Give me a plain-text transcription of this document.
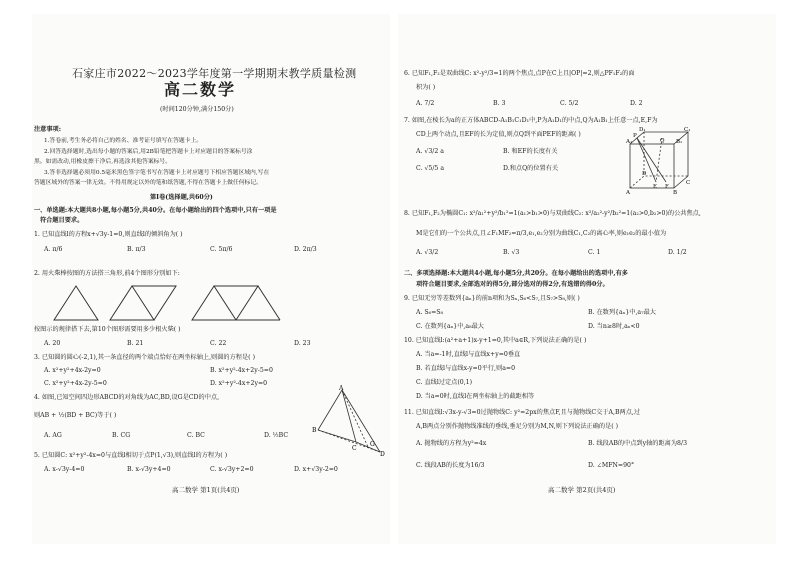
石家庄市2022～2023学年度第一学期期末教学质量检测
高二数学
(时间120分钟,满分150分)
注意事项:
1.答卷前,考生务必将自己的姓名、准考证号填写在答题卡上。
2.回答选择题时,选出每小题的答案后,用2B铅笔把答题卡上对应题目的答案标号涂
黑。如需改动,用橡皮擦干净后,再选涂其他答案标号。
3.答非选择题必须用0.5毫米黑色签字笔书写在答题卡上对应题号下相应答题区域内,写在
答题区域外的答案一律无效。不得用规定以外的笔和纸答题,不得在答题卡上做任何标记。
第Ⅰ卷(选择题,共60分)
一、单选题:本大题共8小题,每小题5分,共40分。在每小题给出的四个选项中,只有一项是
符合题目要求。
1. 已知直线l的方程x+√3y-1=0,则直线l的倾斜角为( )
A. π/6	B. π/3	C. 5π/6	D. 2π/3
2. 用火柴棒按图的方法搭三角形,前4个图形分别如下:
按图示的规律搭下去,第10个图形需要用多少根火柴( )
A. 20	B. 21	C. 22	D. 23
3. 已知圆的圆心(-2,1),其一条直径的两个端点恰好在两坐标轴上,则圆的方程是( )
A. x²+y²+4x-2y=0	B. x²+y²-4x+2y-5=0
C. x²+y²+4x-2y-5=0	D. x²+y²-4x+2y=0
4. 如图,已知空间四边形ABCD的对角线为AC,BD,设G是CD的中点,
则AB + ½(BD + BC)等于( )
A. AG	B. CG	C. BC	D. ½BC
A
B
C
D
G
5. 已知圆C: x²+y²-4x=0与直线l相切于点P(1,√3),则直线l的方程为( )
A. x-√3y-4=0	B. x-√3y+4=0	C. x-√3y+2=0	D. x+√3y-2=0
高二数学 第1页(共4页)
6. 已知F₁,F₂是双曲线C: x²-y²/3=1的两个焦点,点P在C上且|OP|=2,则△PF₁F₂的面
积为( )
A. 7/2	B. 3	C. 5/2	D. 2
7. 如图,在棱长为a的正方体ABCD-A₁B₁C₁D₁中,P为A₁D₁的中点,Q为A₁B₁上任意一点,E,F为
CD上两个动点,且EF的长为定值,则点Q到平面PEF的距离( )
A. √3/2 a	B. 和EF的长度有关
C. √5/5 a	D.和点Q的位置有关
D₁	C₁
A₁	B₁
P
Q
D
C
A	B
E F
8. 已知F₁,F₂为椭圆C₁: x²/a₁²+y²/b₁²=1(a₁>b₁>0)与双曲线C₂: x²/a₂²-y²/b₂²=1(a₂>0,b₂>0)的公共焦点,
M是它们的一个公共点,且∠F₁MF₂=π/3,e₁,e₂分别为曲线C₁,C₂的离心率,则e₁e₂的最小值为
A. √3/2	B. √3	C. 1	D. 1/2
二、多项选择题:本大题共4小题,每小题5分,共20分。在每小题给出的选项中,有多
项符合题目要求,全部选对的得5分,部分选对的得2分,有选错的得0分。
9. 已知无穷等差数列{aₙ}的前n项和为Sₙ,S₆<S₇,且S₇>S₈,则( )
A. S₆=S₈	B. 在数列{aₙ}中,a₇最大
C. 在数列{aₙ}中,a₈最大	D. 当n≥8时,aₙ<0
10. 已知直线l:(a²+a+1)x-y+1=0,其中a∈R,下列说法正确的是( )
A. 当a=-1时,直线l与直线x+y=0垂直
B. 若直线l与直线x-y=0平行,则a=0
C. 直线l过定点(0,1)
D. 当a=0时,直线l在两坐标轴上的截距相等
11. 已知直线l:√3x-y-√3=0过抛物线C: y²=2px的焦点F,且与抛物线C交于A,B两点,过
A,B两点分别作抛物线准线的垂线,垂足分别为M,N,则下列说法正确的是( )
A. 抛物线的方程为y²=4x	B. 线段AB的中点到y轴的距离为8/3
C. 线段AB的长度为16/3	D. ∠MFN=90°
高二数学 第2页(共4页)
